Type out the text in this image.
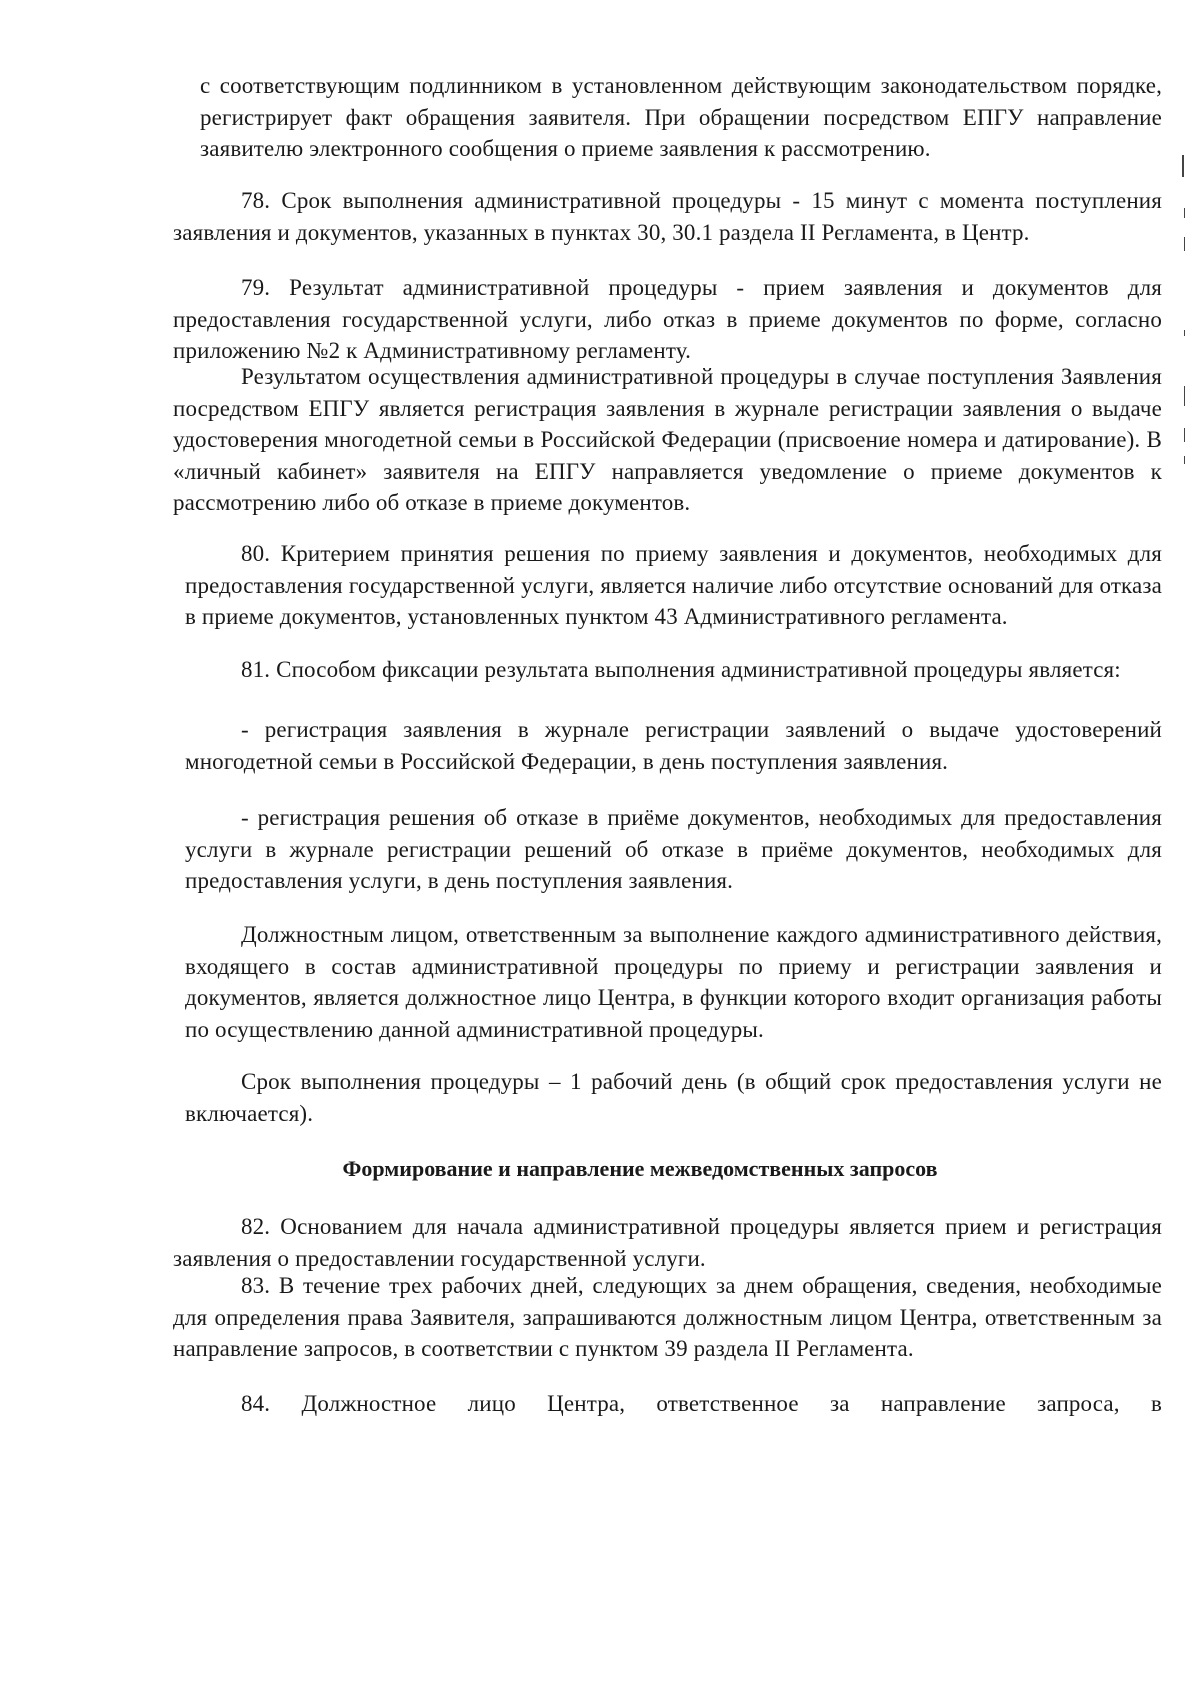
с соответствующим подлинником в установленном действующим законодательством порядке, регистрирует факт обращения заявителя. При обращении посредством ЕПГУ направление заявителю электронного сообщения о приеме заявления к рассмотрению.
78. Срок выполнения административной процедуры - 15 минут с момента поступления заявления и документов, указанных в пунктах 30, 30.1 раздела II Регламента, в Центр.
79. Результат административной процедуры - прием заявления и документов для предоставления государственной услуги, либо отказ в приеме документов по форме, согласно приложению №2 к Административному регламенту.
Результатом осуществления административной процедуры в случае поступления Заявления посредством ЕПГУ является регистрация заявления в журнале регистрации заявления о выдаче удостоверения многодетной семьи в Российской Федерации (присвоение номера и датирование). В «личный кабинет» заявителя на ЕПГУ направляется уведомление о приеме документов к рассмотрению либо об отказе в приеме документов.
80. Критерием принятия решения по приему заявления и документов, необходимых для предоставления государственной услуги, является наличие либо отсутствие оснований для отказа в приеме документов, установленных пунктом 43 Административного регламента.
81. Способом фиксации результата выполнения административной процедуры является:
- регистрация заявления в журнале регистрации заявлений о выдаче удостоверений многодетной семьи в Российской Федерации, в день поступления заявления.
- регистрация решения об отказе в приёме документов, необходимых для предоставления услуги в журнале регистрации решений об отказе в приёме документов, необходимых для предоставления услуги, в день поступления заявления.
Должностным лицом, ответственным за выполнение каждого административного действия, входящего в состав административной процедуры по приему и регистрации заявления и документов, является должностное лицо Центра, в функции которого входит организация работы по осуществлению данной административной процедуры.
Срок выполнения процедуры – 1 рабочий день (в общий срок предоставления услуги не включается).
Формирование и направление межведомственных запросов
82. Основанием для начала административной процедуры является прием и регистрация заявления о предоставлении государственной услуги.
83. В течение трех рабочих дней, следующих за днем обращения, сведения, необходимые для определения права Заявителя, запрашиваются должностным лицом Центра, ответственным за направление запросов, в соответствии с пунктом 39 раздела II Регламента.
84. Должностное лицо Центра, ответственное за направление запроса, в
